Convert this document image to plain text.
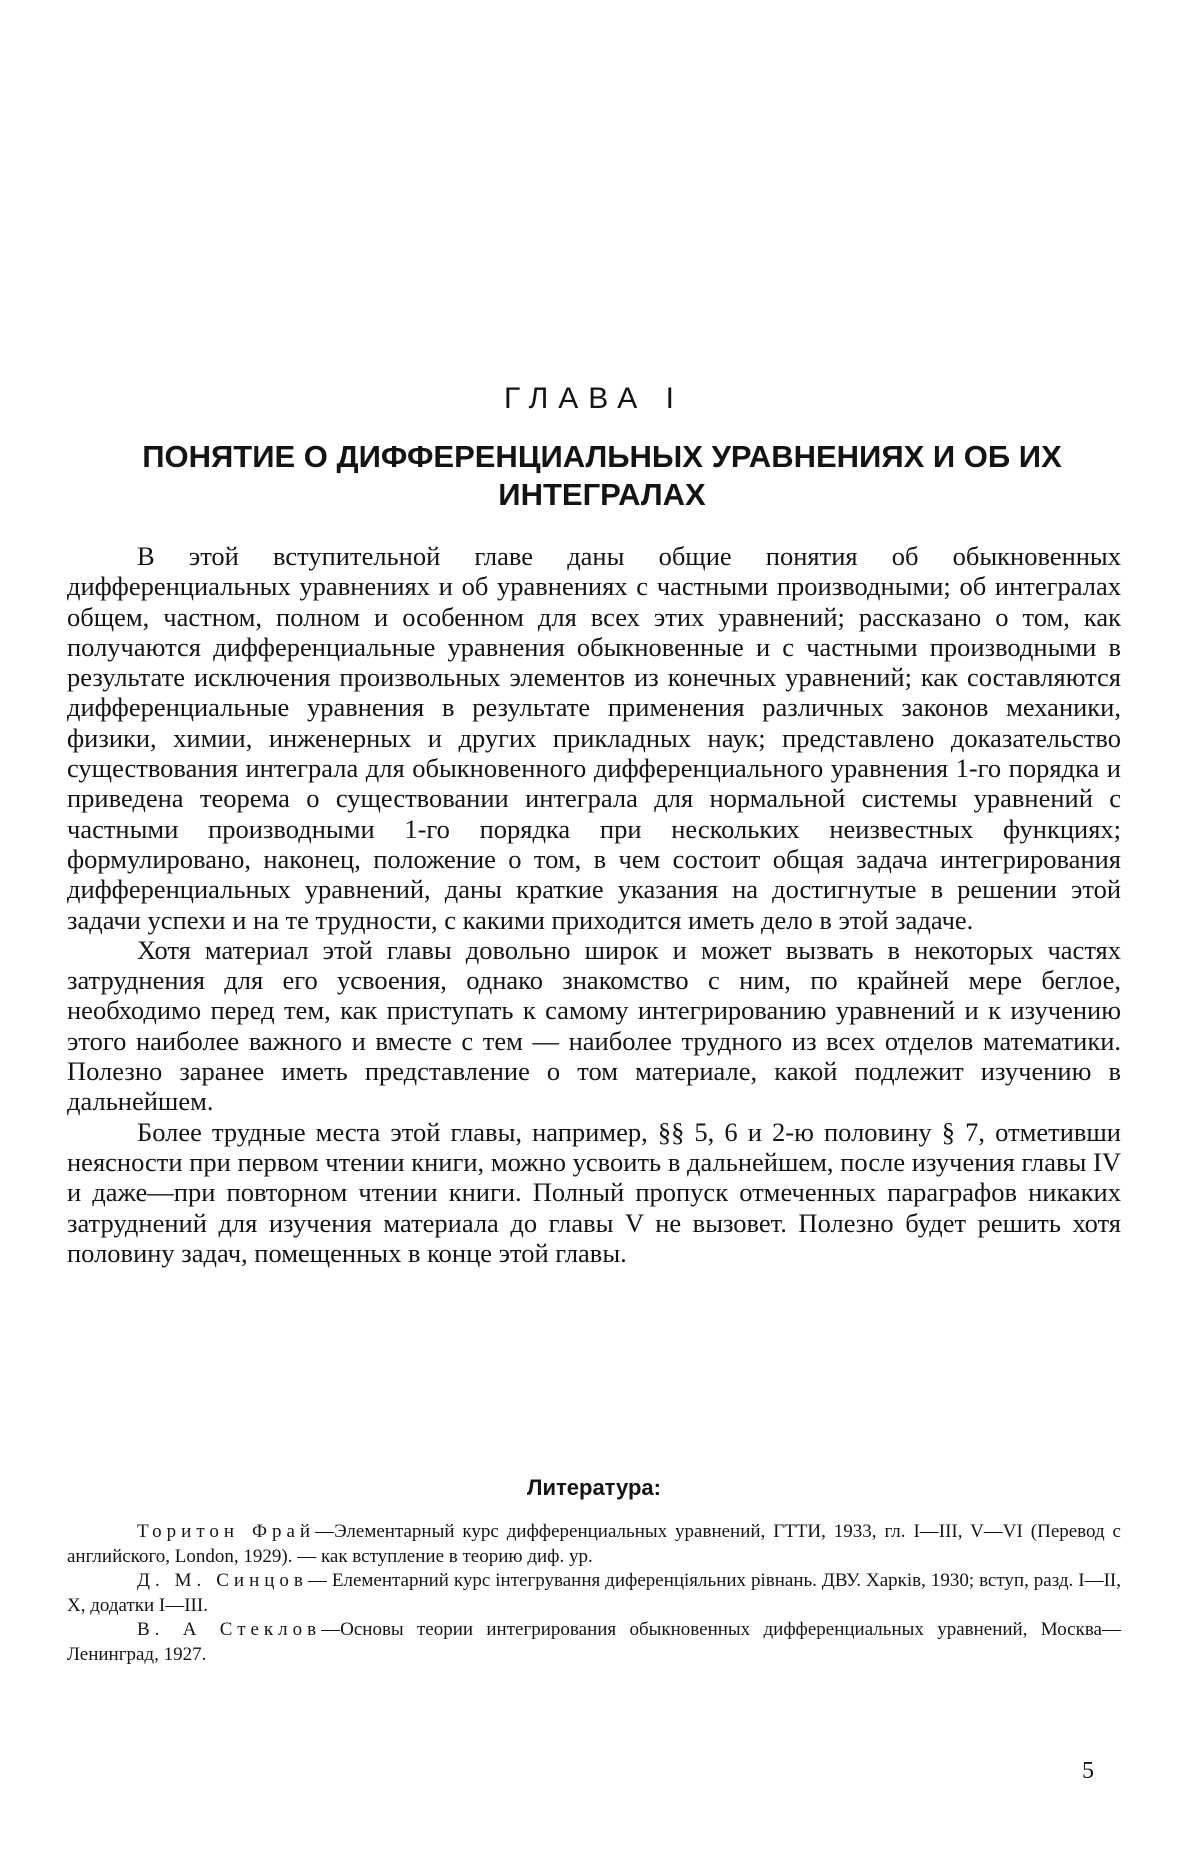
ГЛАВА I
ПОНЯТИЕ О ДИФФЕРЕНЦИАЛЬНЫХ УРАВНЕНИЯХ И ОБ ИХ ИНТЕГРАЛАХ

В этой вступительной главе даны общие понятия об обыкновенных дифференциальных уравнениях и об уравнениях с частными производными; об интегралах общем, частном, полном и особенном для всех этих уравнений; рассказано о том, как получаются дифференциальные уравнения обыкновенные и с частными производными в результате исключения произвольных элементов из конечных уравнений; как составляются дифференциальные уравнения в результате применения различных законов механики, физики, химии, инженерных и других прикладных наук; представлено доказательство существования интеграла для обыкновенного дифференциального уравнения 1-го порядка и приведена теорема о существовании интеграла для нормальной системы уравнений с частными производными 1-го порядка при нескольких неизвестных функциях; формулировано, наконец, положение о том, в чем состоит общая задача интегрирования дифференциальных уравнений, даны краткие указания на достигнутые в решении этой задачи успехи и на те трудности, с какими приходится иметь дело в этой задаче.

Хотя материал этой главы довольно широк и может вызвать в некоторых частях затруднения для его усвоения, однако знакомство с ним, по крайней мере беглое, необходимо перед тем, как приступать к самому интегрированию уравнений и к изучению этого наиболее важного и вместе с тем — наиболее трудного из всех отделов математики. Полезно заранее иметь представление о том материале, какой подлежит изучению в дальнейшем.

Более трудные места этой главы, например, §§ 5, 6 и 2-ю половину § 7, отметивши неясности при первом чтении книги, можно усвоить в дальнейшем, после изучения главы IV и даже—при повторном чтении книги. Полный пропуск отмеченных параграфов никаких затруднений для изучения материала до главы V не вызовет. Полезно будет решить хотя половину задач, помещенных в конце этой главы.

Литература:

Торитон Фрай—Элементарный курс дифференциальных уравнений, ГТТИ, 1933, гл. I—III, V—VI (Перевод с английского, London, 1929). — как вступление в теорию диф. ур.

Д. М. Синцов— Елементарний курс інтегрування диференціяльних рівнань. ДВУ. Харків, 1930; вступ, разд. I—II, X, додатки I—III.

В. А Стеклов—Основы теории интегрирования обыкновенных дифференциальных уравнений, Москва—Ленинград, 1927.

5
